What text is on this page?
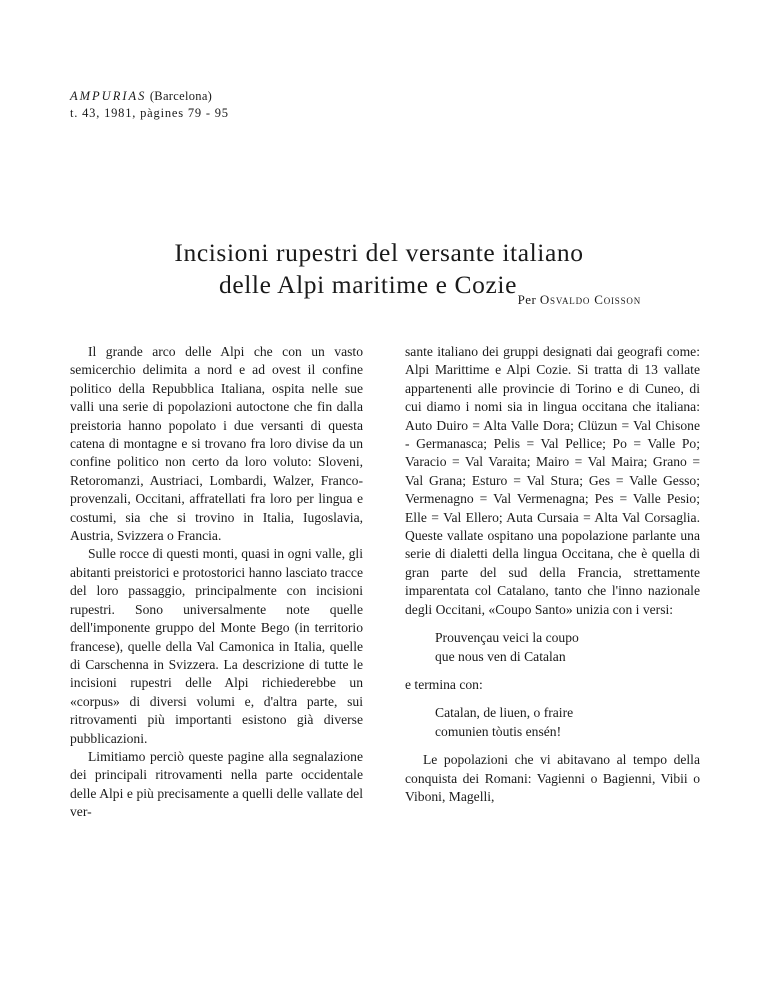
AMPURIAS (Barcelona)
t. 43, 1981, pàgines 79 - 95
Incisioni rupestri del versante italiano
delle Alpi maritime e Cozie
Per Osvaldo Coisson

Il grande arco delle Alpi che con un vasto semicerchio delimita a nord e ad ovest il confine politico della Repubblica Italiana, ospita nelle sue valli una serie di popolazioni autoctone che fin dalla preistoria hanno popolato i due versanti di questa catena di montagne e si trovano fra loro divise da un confine politico non certo da loro voluto: Sloveni, Retoromanzi, Austriaci, Lombardi, Walzer, Franco-provenzali, Occitani, affratellati fra loro per lingua e costumi, sia che si trovino in Italia, Iugoslavia, Austria, Svizzera o Francia.

Sulle rocce di questi monti, quasi in ogni valle, gli abitanti preistorici e protostorici hanno lasciato tracce del loro passaggio, principalmente con incisioni rupestri. Sono universalmente note quelle dell'imponente gruppo del Monte Bego (in territorio francese), quelle della Val Camonica in Italia, quelle di Carschenna in Svizzera. La descrizione di tutte le incisioni rupestri delle Alpi richiederebbe un «corpus» di diversi volumi e, d'altra parte, sui ritrovamenti più importanti esistono già diverse pubblicazioni.

Limitiamo perciò queste pagine alla segnalazione dei principali ritrovamenti nella parte occidentale delle Alpi e più precisamente a quelli delle vallate del ver-

sante italiano dei gruppi designati dai geografi come: Alpi Marittime e Alpi Cozie. Si tratta di 13 vallate appartenenti alle provincie di Torino e di Cuneo, di cui diamo i nomi sia in lingua occitana che italiana: Auto Duiro = Alta Valle Dora; Clüzun = Val Chisone - Germanasca; Pelis = Val Pellice; Po = Valle Po; Varacio = Val Varaita; Mairo = Val Maira; Grano = Val Grana; Esturo = Val Stura; Ges = Valle Gesso; Vermenagno = Val Vermenagna; Pes = Valle Pesio; Elle = Val Ellero; Auta Cursaia = Alta Val Corsaglia. Queste vallate ospitano una popolazione parlante una serie di dialetti della lingua Occitana, che è quella di gran parte del sud della Francia, strettamente imparentata col Catalano, tanto che l'inno nazionale degli Occitani, «Coupo Santo» unizia con i versi:

Prouvençau veici la coupo
que nous ven di Catalan

e termina con:

Catalan, de liuen, o fraire
comunien tòutis ensén!

Le popolazioni che vi abitavano al tempo della conquista dei Romani: Vagienni o Bagienni, Vibii o Viboni, Magelli,
